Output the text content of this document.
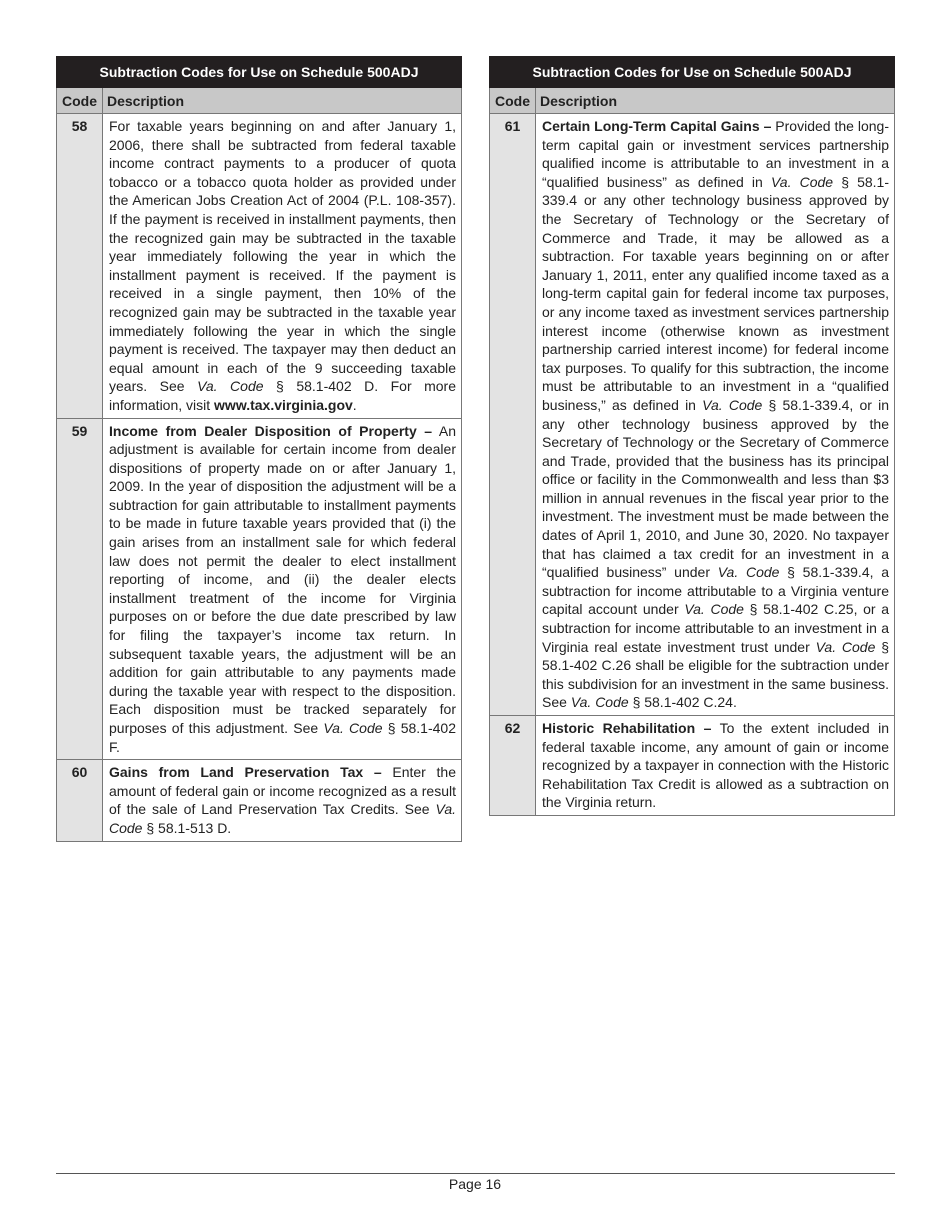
Subtraction Codes for Use on Schedule 500ADJ	
Code	Description
58	For taxable years beginning on and after January 1, 2006, there shall be subtracted from federal taxable income contract payments to a producer of quota tobacco or a tobacco quota holder as provided under the American Jobs Creation Act of 2004 (P.L. 108-357). If the payment is received in installment payments, then the recognized gain may be subtracted in the taxable year immediately following the year in which the installment payment is received. If the payment is received in a single payment, then 10% of the recognized gain may be subtracted in the taxable year immediately following the year in which the single payment is received. The taxpayer may then deduct an equal amount in each of the 9 succeeding taxable years. See Va. Code § 58.1-402 D. For more information, visit www.tax.virginia.gov.
59	Income from Dealer Disposition of Property – An adjustment is available for certain income from dealer dispositions of property made on or after January 1, 2009. In the year of disposition the adjustment will be a subtraction for gain attributable to installment payments to be made in future taxable years provided that (i) the gain arises from an installment sale for which federal law does not permit the dealer to elect installment reporting of income, and (ii) the dealer elects installment treatment of the income for Virginia purposes on or before the due date prescribed by law for filing the taxpayer’s income tax return. In subsequent taxable years, the adjustment will be an addition for gain attributable to any payments made during the taxable year with respect to the disposition. Each disposition must be tracked separately for purposes of this adjustment. See Va. Code § 58.1-402 F.
60	Gains from Land Preservation Tax – Enter the amount of federal gain or income recognized as a result of the sale of Land Preservation Tax Credits. See Va. Code § 58.1-513 D.
Subtraction Codes for Use on Schedule 500ADJ	
Code	Description
61	Certain Long-Term Capital Gains – Provided the long-term capital gain or investment services partnership qualified income is attributable to an investment in a “qualified business” as defined in Va. Code § 58.1-339.4 or any other technology business approved by the Secretary of Technology or the Secretary of Commerce and Trade, it may be allowed as a subtraction. For taxable years beginning on or after January 1, 2011, enter any qualified income taxed as a long-term capital gain for federal income tax purposes, or any income taxed as investment services partnership interest income (otherwise known as investment partnership carried interest income) for federal income tax purposes. To qualify for this subtraction, the income must be attributable to an investment in a “qualified business,” as defined in Va. Code § 58.1-339.4, or in any other technology business approved by the Secretary of Technology or the Secretary of Commerce and Trade, provided that the business has its principal office or facility in the Commonwealth and less than $3 million in annual revenues in the fiscal year prior to the investment. The investment must be made between the dates of April 1, 2010, and June 30, 2020. No taxpayer that has claimed a tax credit for an investment in a “qualified business” under Va. Code § 58.1-339.4, a subtraction for income attributable to a Virginia venture capital account under Va. Code § 58.1-402 C.25, or a subtraction for income attributable to an investment in a Virginia real estate investment trust under Va. Code § 58.1-402 C.26 shall be eligible for the subtraction under this subdivision for an investment in the same business. See Va. Code § 58.1-402 C.24.
62	Historic Rehabilitation – To the extent included in federal taxable income, any amount of gain or income recognized by a taxpayer in connection with the Historic Rehabilitation Tax Credit is allowed as a subtraction on the Virginia return.
Page 16
